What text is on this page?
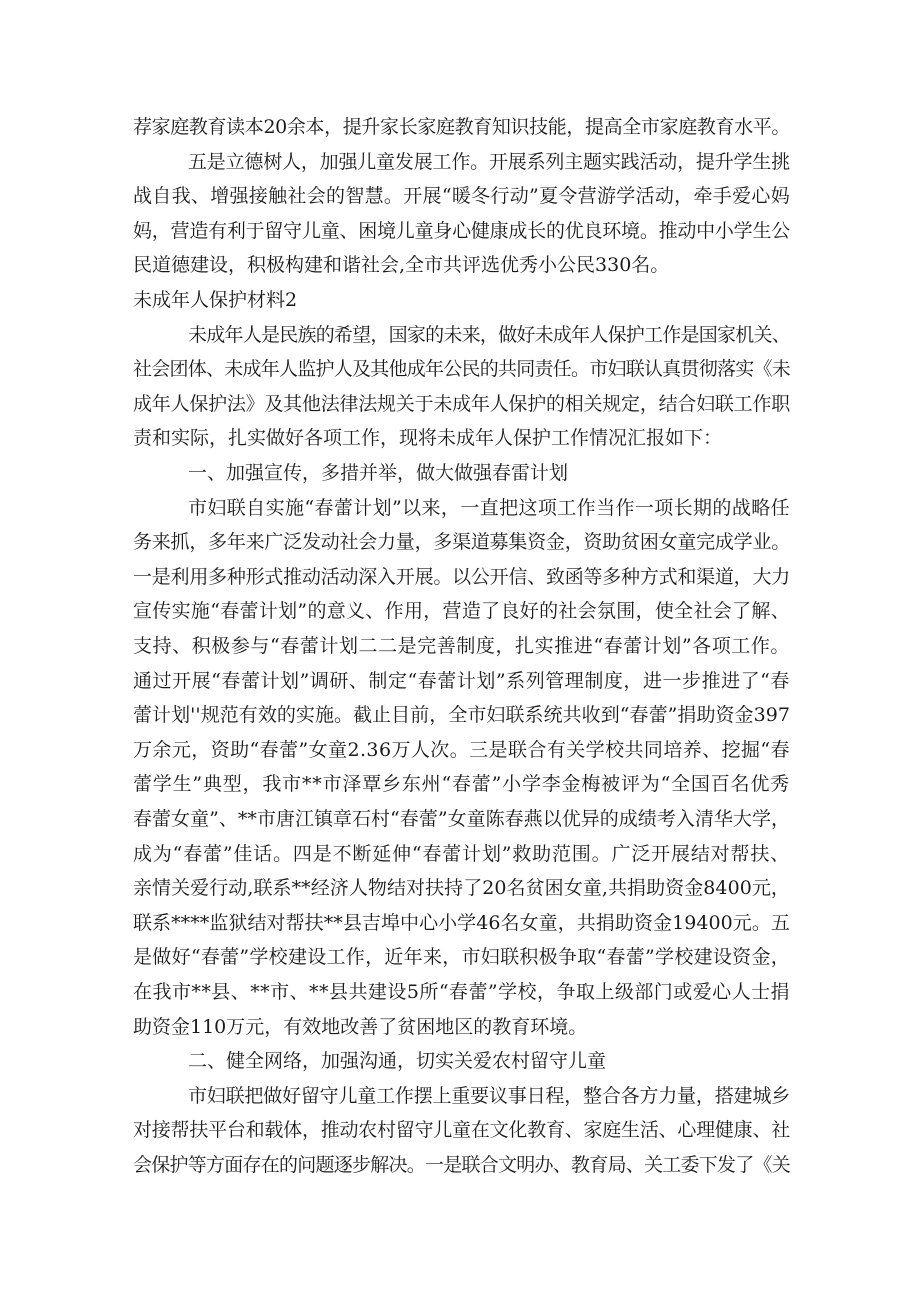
荐家庭教育读本20余本，提升家长家庭教育知识技能，提高全市家庭教育水平。
五是立德树人，加强儿童发展工作。开展系列主题实践活动，提升学生挑
战自我、增强接触社会的智慧。开展“暖冬行动”夏令营游学活动，牵手爱心妈
妈，营造有利于留守儿童、困境儿童身心健康成长的优良环境。推动中小学生公
民道德建设，积极构建和谐社会,全市共评选优秀小公民330名。
未成年人保护材料2
未成年人是民族的希望，国家的未来，做好未成年人保护工作是国家机关、
社会团体、未成年人监护人及其他成年公民的共同责任。市妇联认真贯彻落实《未
成年人保护法》及其他法律法规关于未成年人保护的相关规定，结合妇联工作职
责和实际，扎实做好各项工作，现将未成年人保护工作情况汇报如下：
一、加强宣传，多措并举，做大做强春雷计划
市妇联自实施“春蕾计划”以来，一直把这项工作当作一项长期的战略任
务来抓，多年来广泛发动社会力量，多渠道募集资金，资助贫困女童完成学业。
一是利用多种形式推动活动深入开展。以公开信、致函等多种方式和渠道，大力
宣传实施“春蕾计划”的意义、作用，营造了良好的社会氛围，使全社会了解、
支持、积极参与“春蕾计划二二是完善制度，扎实推进“春蕾计划”各项工作。
通过开展“春蕾计划”调研、制定“春蕾计划”系列管理制度，进一步推进了“春
蕾计划''规范有效的实施。截止目前，全市妇联系统共收到“春蕾”捐助资金397
万余元，资助“春蕾”女童2.36万人次。三是联合有关学校共同培养、挖掘“春
蕾学生”典型，我市**市泽覃乡东州“春蕾”小学李金梅被评为“全国百名优秀
春蕾女童”、**市唐江镇章石村“春蕾”女童陈春燕以优异的成绩考入清华大学，
成为“春蕾”佳话。四是不断延伸“春蕾计划”救助范围。广泛开展结对帮扶、
亲情关爱行动,联系**经济人物结对扶持了20名贫困女童,共捐助资金8400元，
联系****监狱结对帮扶**县吉埠中心小学46名女童，共捐助资金19400元。五
是做好“春蕾”学校建设工作，近年来，市妇联积极争取“春蕾”学校建设资金，
在我市**县、**市、**县共建设5所“春蕾”学校，争取上级部门或爱心人士捐
助资金110万元，有效地改善了贫困地区的教育环境。
二、健全网络，加强沟通，切实关爱农村留守儿童
市妇联把做好留守儿童工作摆上重要议事日程，整合各方力量，搭建城乡
对接帮扶平台和载体，推动农村留守儿童在文化教育、家庭生活、心理健康、社
会保护等方面存在的问题逐步解决。一是联合文明办、教育局、关工委下发了《关
